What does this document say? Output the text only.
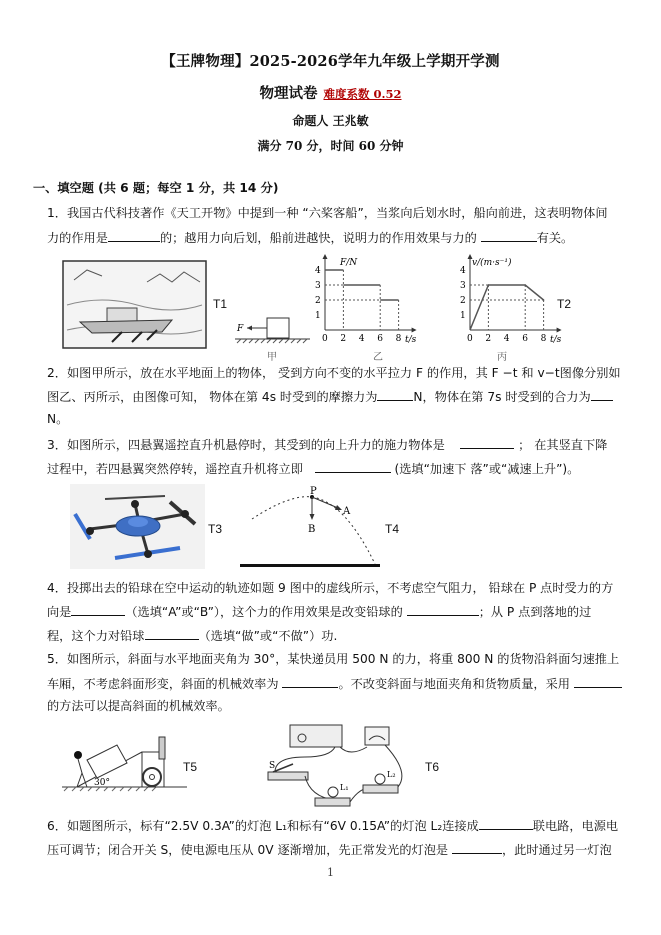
【王牌物理】2025-2026学年九年级上学期开学测
物理试卷 难度系数 0.52
命题人 王兆敏
满分 70 分，时间 60 分钟
一、填空题 (共 6 题；每空 1 分，共 14 分)
1．我国古代科技著作《天工开物》中提到一种 “六桨客船”，当浆向后划水时，船向前进，这表明物体间
力的作用是	的；越用力向后划，船前进越快，说明力的作用效果与力的	有关。
T1
F
甲
0 2 4 6 8
1
2
3
4
F/N
t/s
乙
0 2 4 6 8
1
2
3
4
v/(m·s⁻¹)
t/s
丙
T2
2．如图甲所示，放在水平地面上的物体， 受到方向不变的水平拉力 F 的作用，其 F −t 和 v−t图像分别如
图乙、丙所示，由图像可知， 物体在第 4s 时受到的摩擦力为	N，物体在第 7s 时受到的合力为
N。
3．如图所示，四悬翼遥控直升机悬停时，其受到的向上升力的施力物体是	； 在其竖直下降
过程中，若四悬翼突然停转，遥控直升机将立即	(选填“加速下 落”或“减速上升”)。
T3
P
A
B	T4
4．投掷出去的铅球在空中运动的轨迹如题 9 图中的虚线所示，不考虑空气阻力， 铅球在 P 点时受力的方
向是	（选填“A”或“B”），这个力的作用效果是改变铅球的	；从 P 点到落地的过
程，这个力对铅球	（选填“做”或“不做”）功.
5．如图所示，斜面与水平地面夹角为 30°，某快递员用 500 N 的力，将重 800 N 的货物沿斜面匀速推上
车厢，不考虑斜面形变，斜面的机械效率为	。不改变斜面与地面夹角和货物质量，采用
的方法可以提高斜面的机械效率。
30°
T5	S
L₁
L₂
T6
6．如题图所示，标有“2.5V 0.3A”的灯泡 L₁和标有“6V 0.15A”的灯泡 L₂连接成	联电路，电源电
压可调节；闭合开关 S，使电源电压从 0V 逐渐增加，先正常发光的灯泡是	，此时通过另一灯泡
1
